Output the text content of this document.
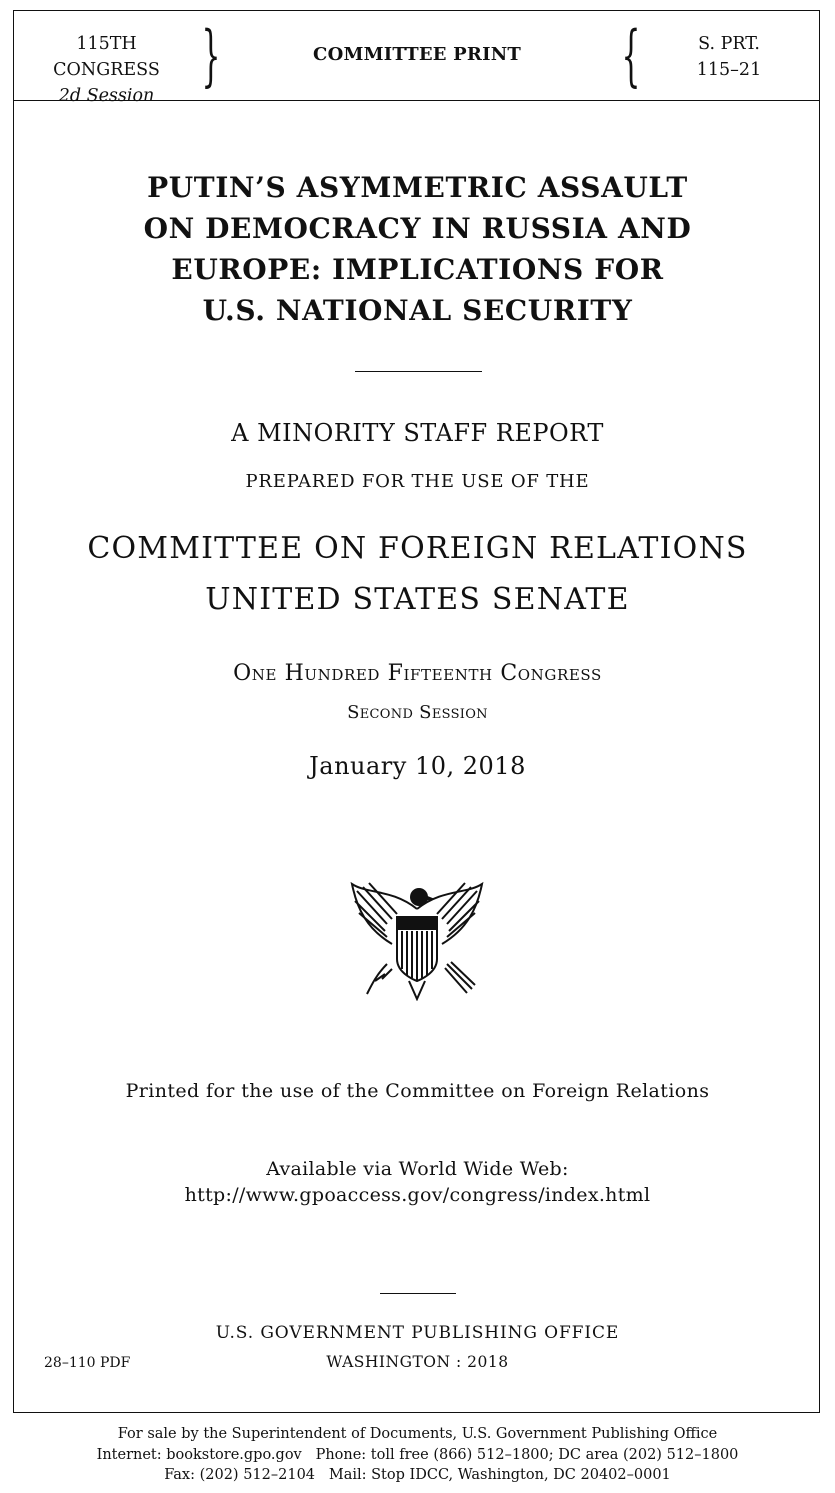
115TH CONGRESS
2d Session
}	COMMITTEE PRINT	{	S. PRT.
115–21
PUTIN’S ASYMMETRIC ASSAULT
ON DEMOCRACY IN RUSSIA AND
EUROPE: IMPLICATIONS FOR
U.S. NATIONAL SECURITY
A MINORITY STAFF REPORT
PREPARED FOR THE USE OF THE
COMMITTEE ON FOREIGN RELATIONS
UNITED STATES SENATE
One Hundred Fifteenth Congress
Second Session
January 10, 2018
Printed for the use of the Committee on Foreign Relations
Available via World Wide Web:
http://www.gpoaccess.gov/congress/index.html
U.S. GOVERNMENT PUBLISHING OFFICE
28–110 PDF	WASHINGTON : 2018
For sale by the Superintendent of Documents, U.S. Government Publishing Office
Internet: bookstore.gpo.gov   Phone: toll free (866) 512–1800; DC area (202) 512–1800
Fax: (202) 512–2104   Mail: Stop IDCC, Washington, DC 20402–0001
